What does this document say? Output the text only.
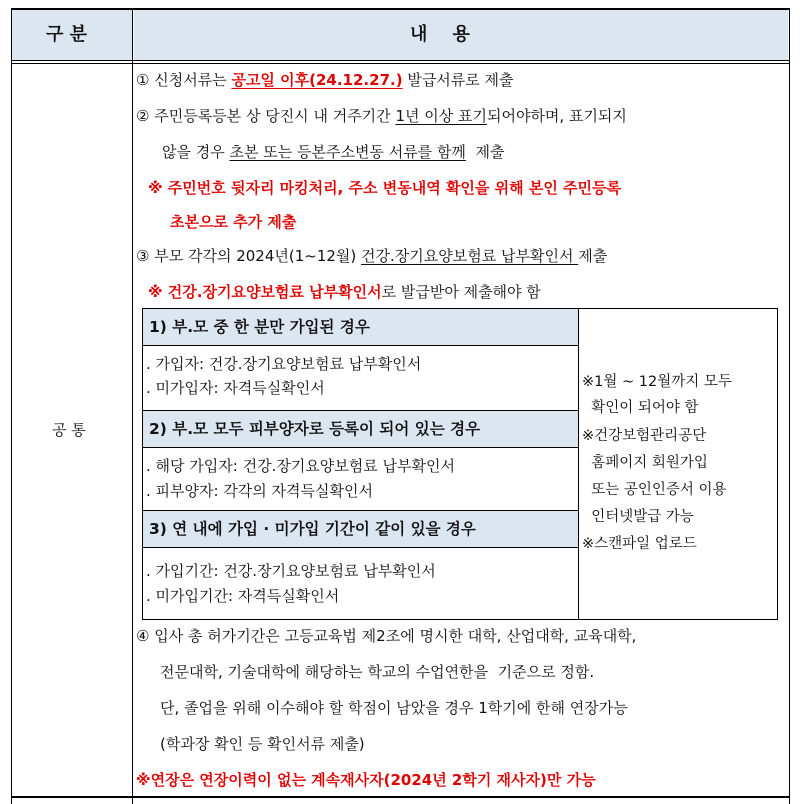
구 분	내    용
공 통
① 신청서류는 공고일 이후(24.12.27.) 발급서류로 제출
② 주민등록등본 상 당진시 내 거주기간 1년 이상 표기되어야하며, 표기되지
않을 경우 초본 또는 등본주소변동 서류를 함께  제출
※ 주민번호 뒷자리 마킹처리, 주소 변동내역 확인을 위해 본인 주민등록
초본으로 추가 제출
③ 부모 각각의 2024년(1~12월) 건강.장기요양보험료 납부확인서 제출
※ 건강.장기요양보험료 납부확인서로 발급받아 제출해야 함
1) 부.모 중 한 분만 가입된 경우
. 가입자: 건강.장기요양보험료 납부확인서
. 미가입자: 자격득실확인서
2) 부.모 모두 피부양자로 등록이 되어 있는 경우
. 해당 가입자: 건강.장기요양보험료 납부확인서
. 피부양자: 각각의 자격득실확인서
3) 연 내에 가입 · 미가입 기간이 같이 있을 경우
. 가입기간: 건강.장기요양보험료 납부확인서
. 미가입기간: 자격득실확인서
※1월 ~ 12월까지 모두
확인이 되어야 함
※건강보험관리공단
홈페이지 회원가입
또는 공인인증서 이용
인터넷발급 가능
※스캔파일 업로드
④ 입사 총 허가기간은 고등교육법 제2조에 명시한 대학, 산업대학, 교육대학,
전문대학, 기술대학에 해당하는 학교의 수업연한을  기준으로 정함.
단, 졸업을 위해 이수해야 할 학점이 남았을 경우 1학기에 한해 연장가능
(학과장 확인 등 확인서류 제출)
※연장은 연장이력이 없는 계속재사자(2024년 2학기 재사자)만 가능
